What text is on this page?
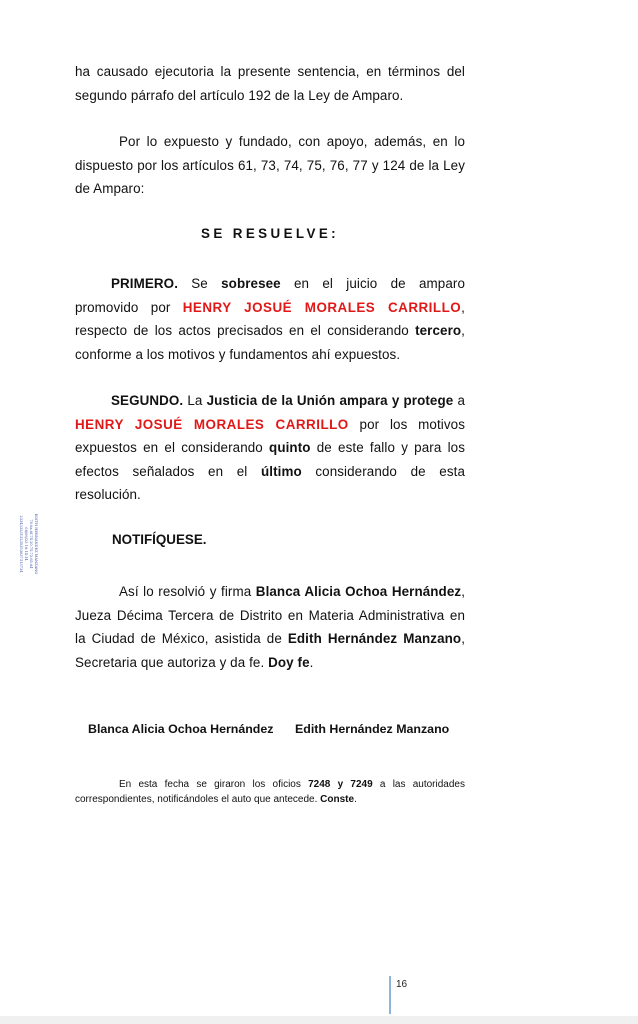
ha causado ejecutoria la presente sentencia, en términos del segundo párrafo del artículo 192 de la Ley de Amparo.

Por lo expuesto y fundado, con apoyo, además, en lo dispuesto por los artículos 61, 73, 74, 75, 76, 77 y 124 de la Ley de Amparo:

SE RESUELVE:

PRIMERO. Se sobresee en el juicio de amparo promovido por HENRY JOSUÉ MORALES CARRILLO, respecto de los actos precisados en el considerando tercero, conforme a los motivos y fundamentos ahí expuestos.

SEGUNDO. La Justicia de la Unión ampara y protege a HENRY JOSUÉ MORALES CARRILLO por los motivos expuestos en el considerando quinto de este fallo y para los efectos señalados en el último considerando de esta resolución.

NOTIFÍQUESE.

Así lo resolvió y firma Blanca Alicia Ochoa Hernández, Jueza Décima Tercera de Distrito en Materia Administrativa en la Ciudad de México, asistida de Edith Hernández Manzano, Secretaria que autoriza y da fe. Doy fe.

Blanca Alicia Ochoa Hernández Edith Hernández Manzano

En esta fecha se giraron los oficios 7248 y 7249 a las autoridades correspondientes, notificándoles el auto que antecede. Conste.

EDITH HERNANDEZ MANZANO
70.6a.6f.74.20.75.73.65.64
08/06/23 16:14:14
2334332313235353637313734
16
